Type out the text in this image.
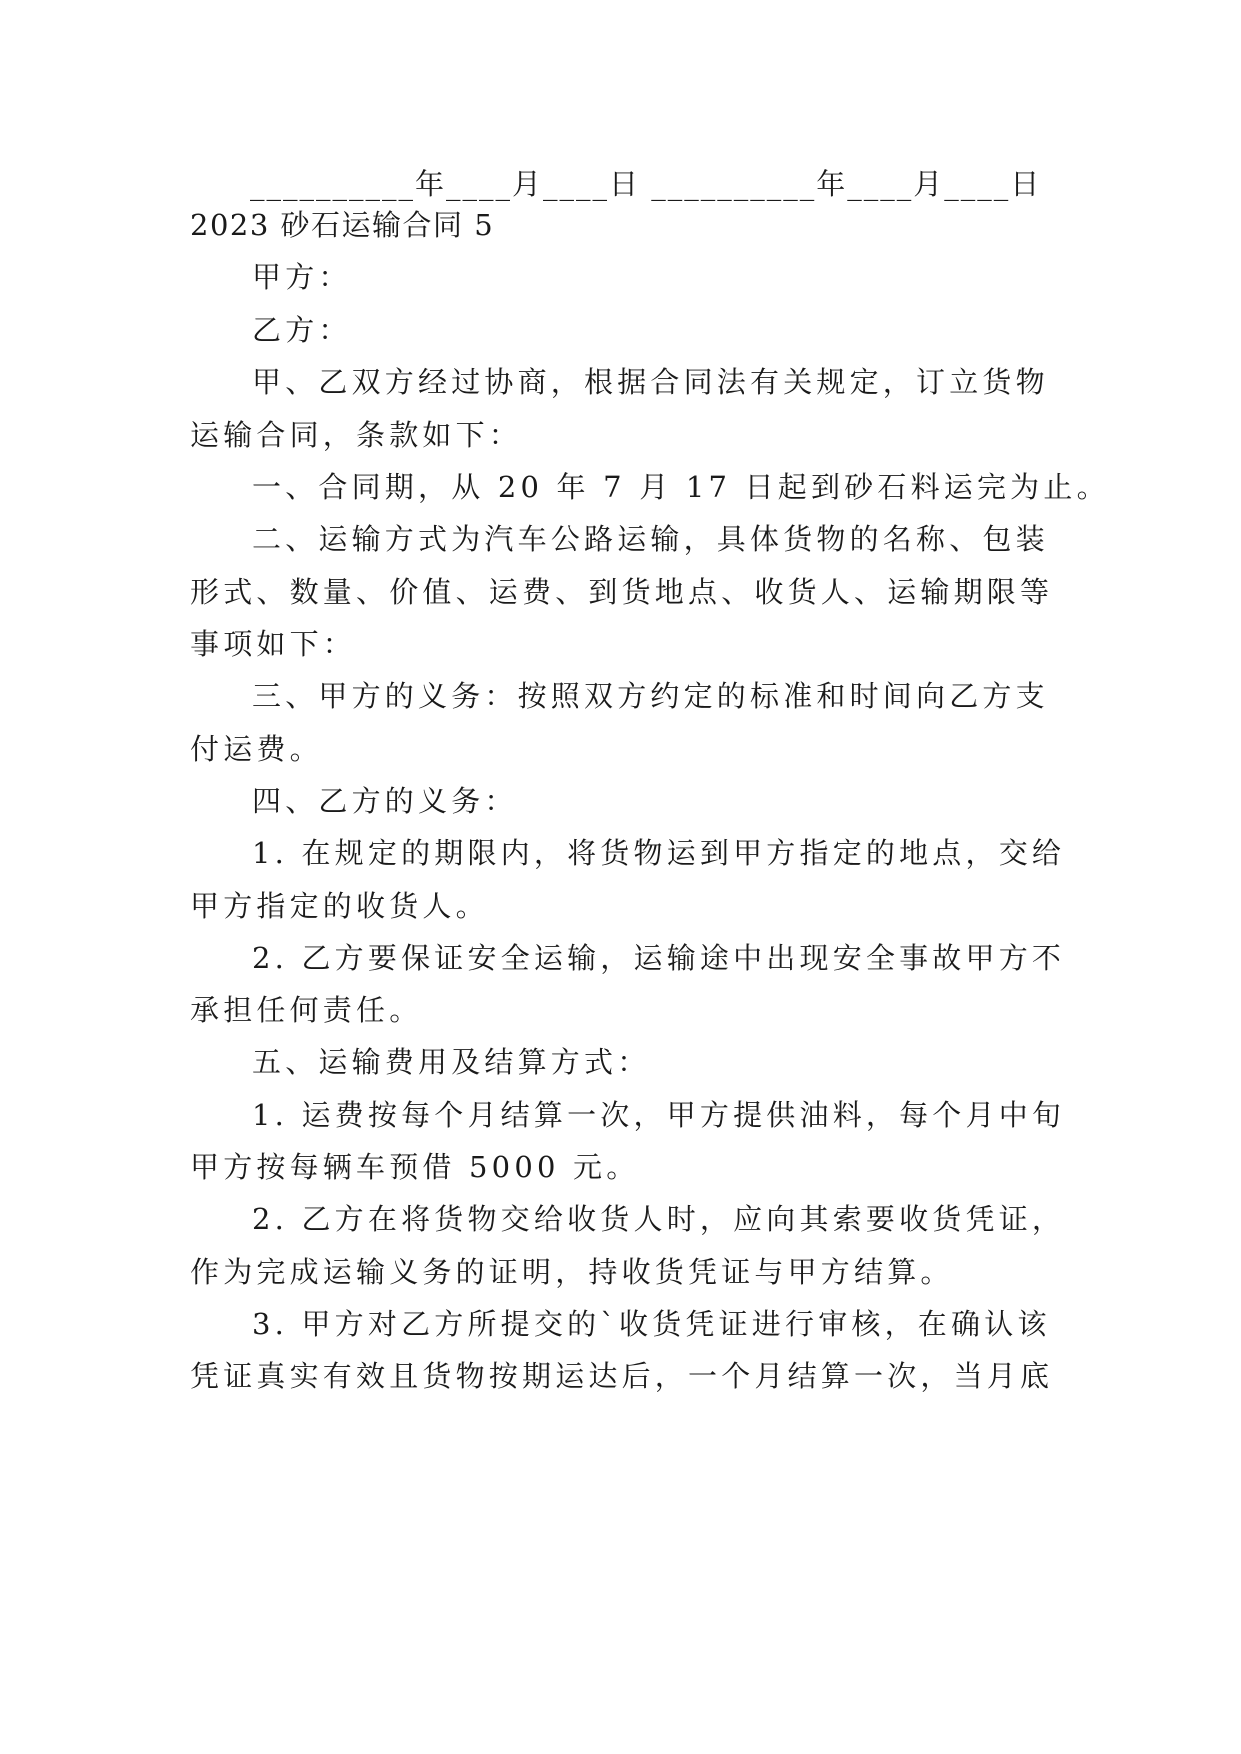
__________年____月____日 __________年____月____日
2023 砂石运输合同 5
甲方：
乙方：
甲、乙双方经过协商，根据合同法有关规定，订立货物
运输合同，条款如下：
一、合同期，从 20 年 7 月 17 日起到砂石料运完为止。
二、运输方式为汽车公路运输，具体货物的名称、包装
形式、数量、价值、运费、到货地点、收货人、运输期限等
事项如下：
三、甲方的义务：按照双方约定的标准和时间向乙方支
付运费。
四、乙方的义务：
1. 在规定的期限内，将货物运到甲方指定的地点，交给
甲方指定的收货人。
2. 乙方要保证安全运输，运输途中出现安全事故甲方不
承担任何责任。
五、运输费用及结算方式：
1. 运费按每个月结算一次，甲方提供油料，每个月中旬
甲方按每辆车预借 5000 元。
2. 乙方在将货物交给收货人时，应向其索要收货凭证，
作为完成运输义务的证明，持收货凭证与甲方结算。
3. 甲方对乙方所提交的`收货凭证进行审核，在确认该
凭证真实有效且货物按期运达后，一个月结算一次，当月底
